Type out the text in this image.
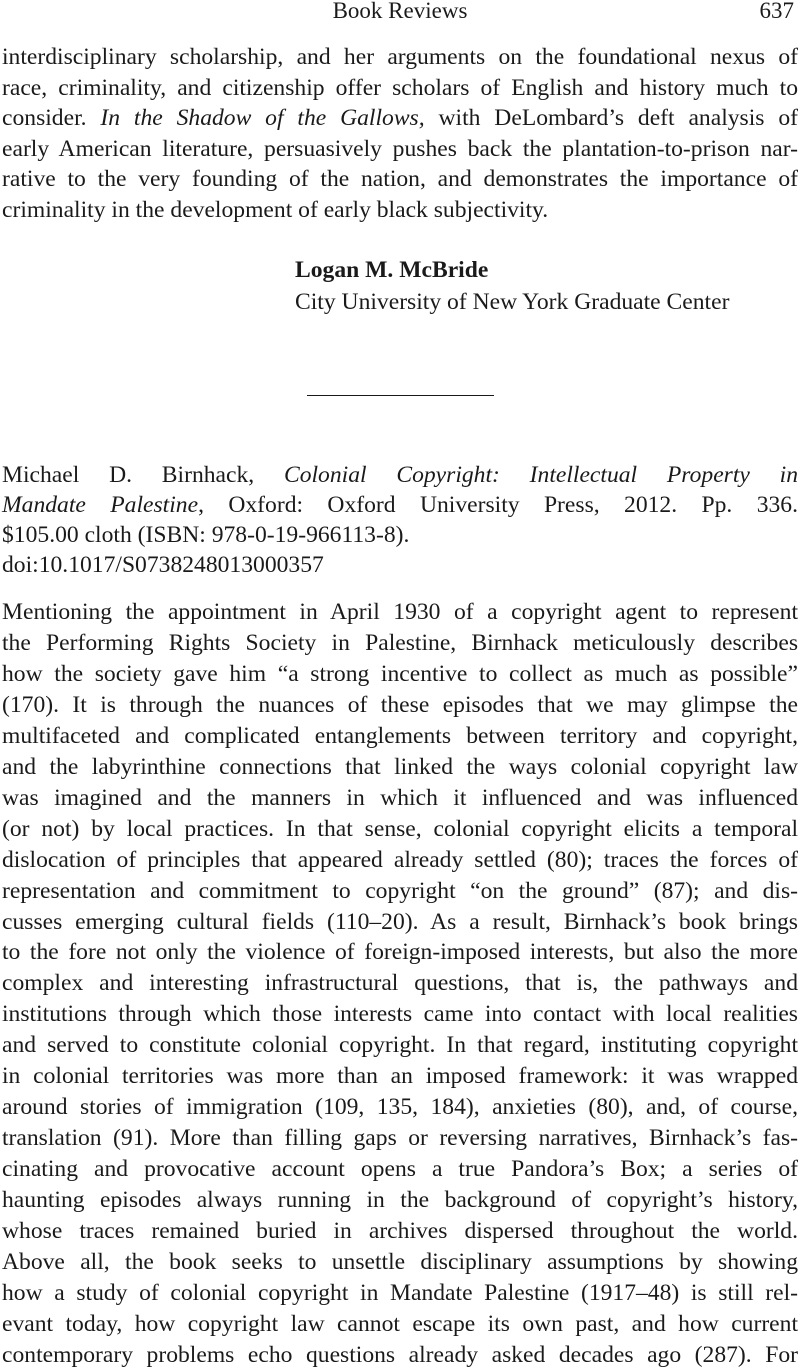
Book Reviews	637

interdisciplinary scholarship, and her arguments on the foundational nexus of
race, criminality, and citizenship offer scholars of English and history much to
consider. In the Shadow of the Gallows, with DeLombard’s deft analysis of
early American literature, persuasively pushes back the plantation-to-prison nar-
rative to the very founding of the nation, and demonstrates the importance of
criminality in the development of early black subjectivity.

Logan M. McBride
City University of New York Graduate Center
Michael D. Birnhack, Colonial Copyright: Intellectual Property in
Mandate Palestine, Oxford: Oxford University Press, 2012. Pp. 336.
$105.00 cloth (ISBN: 978-0-19-966113-8).
doi:10.1017/S0738248013000357

Mentioning the appointment in April 1930 of a copyright agent to represent
the Performing Rights Society in Palestine, Birnhack meticulously describes
how the society gave him “a strong incentive to collect as much as possible”
(170). It is through the nuances of these episodes that we may glimpse the
multifaceted and complicated entanglements between territory and copyright,
and the labyrinthine connections that linked the ways colonial copyright law
was imagined and the manners in which it influenced and was influenced
(or not) by local practices. In that sense, colonial copyright elicits a temporal
dislocation of principles that appeared already settled (80); traces the forces of
representation and commitment to copyright “on the ground” (87); and dis-
cusses emerging cultural fields (110–20). As a result, Birnhack’s book brings
to the fore not only the violence of foreign-imposed interests, but also the more
complex and interesting infrastructural questions, that is, the pathways and
institutions through which those interests came into contact with local realities
and served to constitute colonial copyright. In that regard, instituting copyright
in colonial territories was more than an imposed framework: it was wrapped
around stories of immigration (109, 135, 184), anxieties (80), and, of course,
translation (91). More than filling gaps or reversing narratives, Birnhack’s fas-
cinating and provocative account opens a true Pandora’s Box; a series of
haunting episodes always running in the background of copyright’s history,
whose traces remained buried in archives dispersed throughout the world.
Above all, the book seeks to unsettle disciplinary assumptions by showing
how a study of colonial copyright in Mandate Palestine (1917–48) is still rel-
evant today, how copyright law cannot escape its own past, and how current
contemporary problems echo questions already asked decades ago (287). For
